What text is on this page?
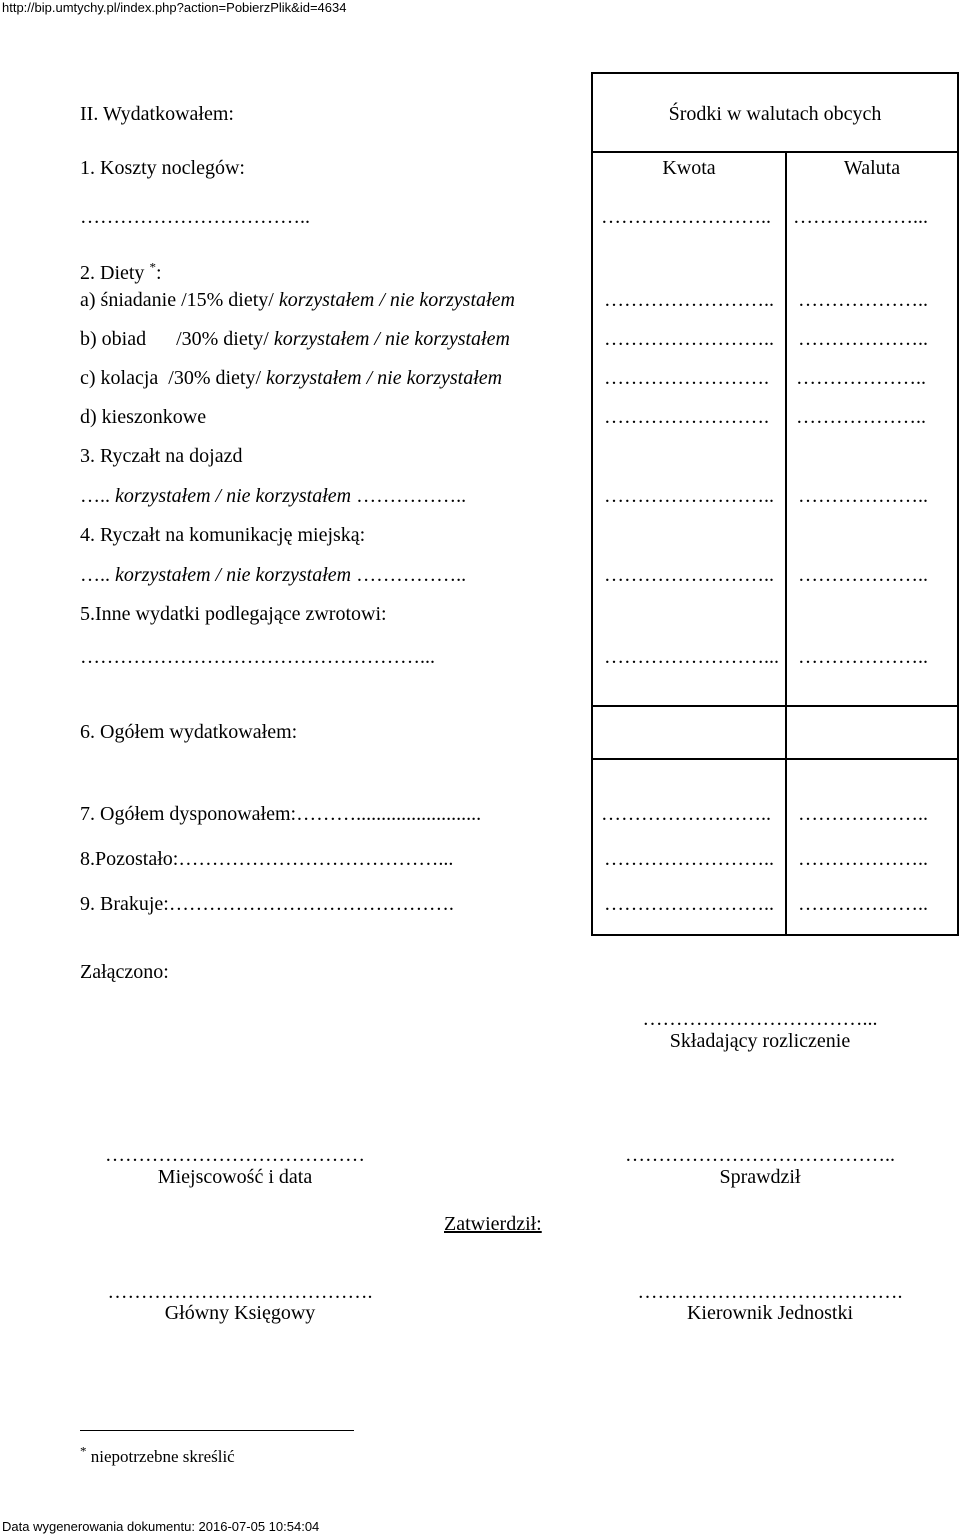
http://bip.umtychy.pl/index.php?action=PobierzPlik&id=4634
II. Wydatkowałem:	Środki w walutach obcych
Kwota	Waluta
1. Koszty noclegów:
……………………………..	…………………….. ………………...
2. Diety *:
a) śniadanie /15% diety/ korzystałem / nie korzystałem	…………………….. ………………..
b) obiad      /30% diety/ korzystałem / nie korzystałem	…………………….. ………………..
c) kolacja  /30% diety/ korzystałem / nie korzystałem	……………………. ………………..
d) kieszonkowe	……………………. ………………..
3. Ryczałt na dojazd
….. korzystałem / nie korzystałem ……………..	…………………….. ………………..
4. Ryczałt na komunikację miejską:
….. korzystałem / nie korzystałem ……………..	…………………….. ………………..
5.Inne wydatki podlegające zwrotowi:
……………………………………………...	……………………... ………………..
6. Ogółem wydatkowałem:
7. Ogółem dysponowałem:……….........................	…………………….. ………………..
8.Pozostało:…………………………………...	…………………….. ………………..
9. Brakuje:…………………………………….	…………………….. ………………..
Załączono:
……………………………...
Składający rozliczenie
…………………………………
Miejscowość i data
…………………………………..
Sprawdził
Zatwierdził:
………………………………….
Główny Księgowy
………………………………….
Kierownik Jednostki
* niepotrzebne skreślić
Data wygenerowania dokumentu: 2016-07-05 10:54:04
